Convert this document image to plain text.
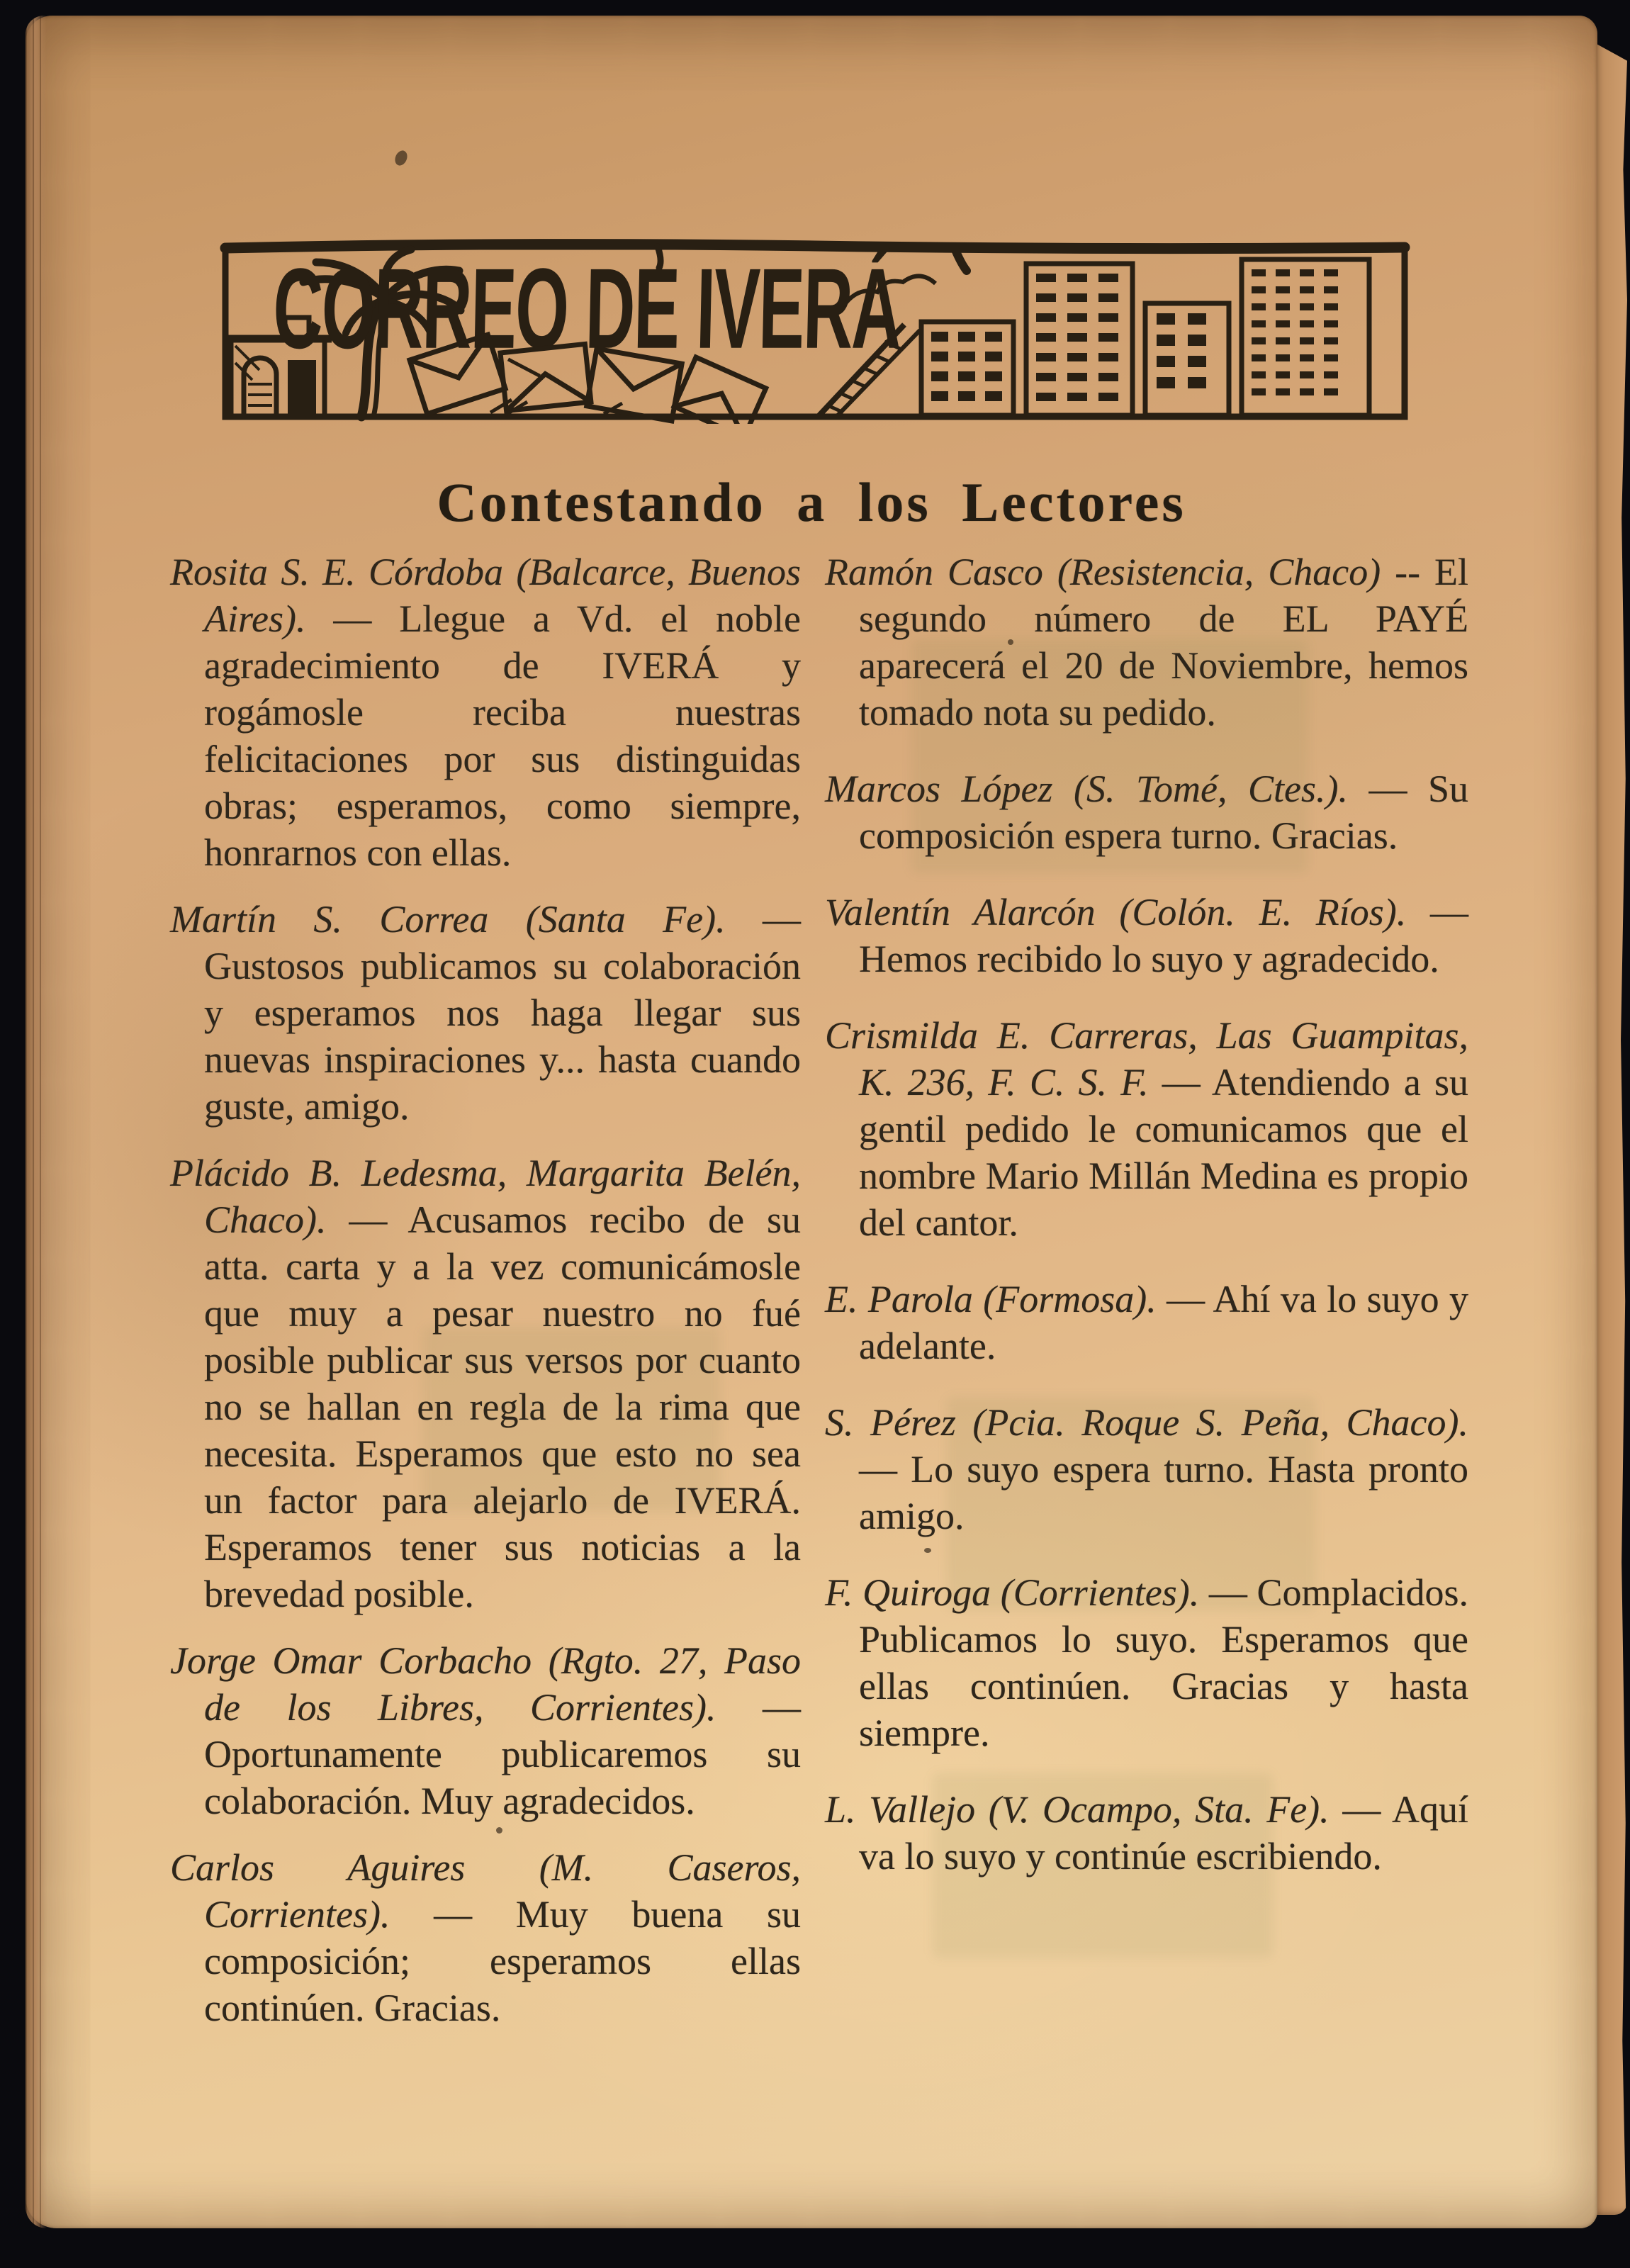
CORREO DE IVERÁ
Contestando a los Lectores
Rosita S. E. Córdoba (Balcarce, Buenos Aires). — Llegue a Vd. el noble agradecimiento de IVERÁ y rogámosle reciba nuestras felicitaciones por sus distinguidas obras; esperamos, como siempre, honrarnos con ellas.
Martín S. Correa (Santa Fe). — Gustosos publicamos su colaboración y esperamos nos haga llegar sus nuevas inspiraciones y... hasta cuando guste, amigo.
Plácido B. Ledesma, Margarita Belén, Chaco). — Acusamos recibo de su atta. carta y a la vez comunicámosle que muy a pesar nuestro no fué posible publicar sus versos por cuanto no se hallan en regla de la rima que necesita. Esperamos que esto no sea un factor para alejarlo de IVERÁ. Esperamos tener sus noticias a la brevedad posible.
Jorge Omar Corbacho (Rgto. 27, Paso de los Libres, Corrientes). — Oportunamente publicaremos su colaboración. Muy agradecidos.
Carlos Aguires (M. Caseros, Corrientes). — Muy buena su composición; esperamos ellas continúen. Gracias.
Ramón Casco (Resistencia, Chaco) -- El segundo número de EL PAYÉ aparecerá el 20 de Noviembre, hemos tomado nota su pedido.
Marcos López (S. Tomé, Ctes.). — Su composición espera turno. Gracias.
Valentín Alarcón (Colón. E. Ríos). — Hemos recibido lo suyo y agradecido.
Crismilda E. Carreras, Las Guampitas, K. 236, F. C. S. F. — Atendiendo a su gentil pedido le comunicamos que el nombre Mario Millán Medina es propio del cantor.
E. Parola (Formosa). — Ahí va lo suyo y adelante.
S. Pérez (Pcia. Roque S. Peña, Chaco). — Lo suyo espera turno. Hasta pronto amigo.
F. Quiroga (Corrientes). — Complacidos. Publicamos lo suyo. Esperamos que ellas continúen. Gracias y hasta siempre.
L. Vallejo (V. Ocampo, Sta. Fe). — Aquí va lo suyo y continúe escribiendo.
